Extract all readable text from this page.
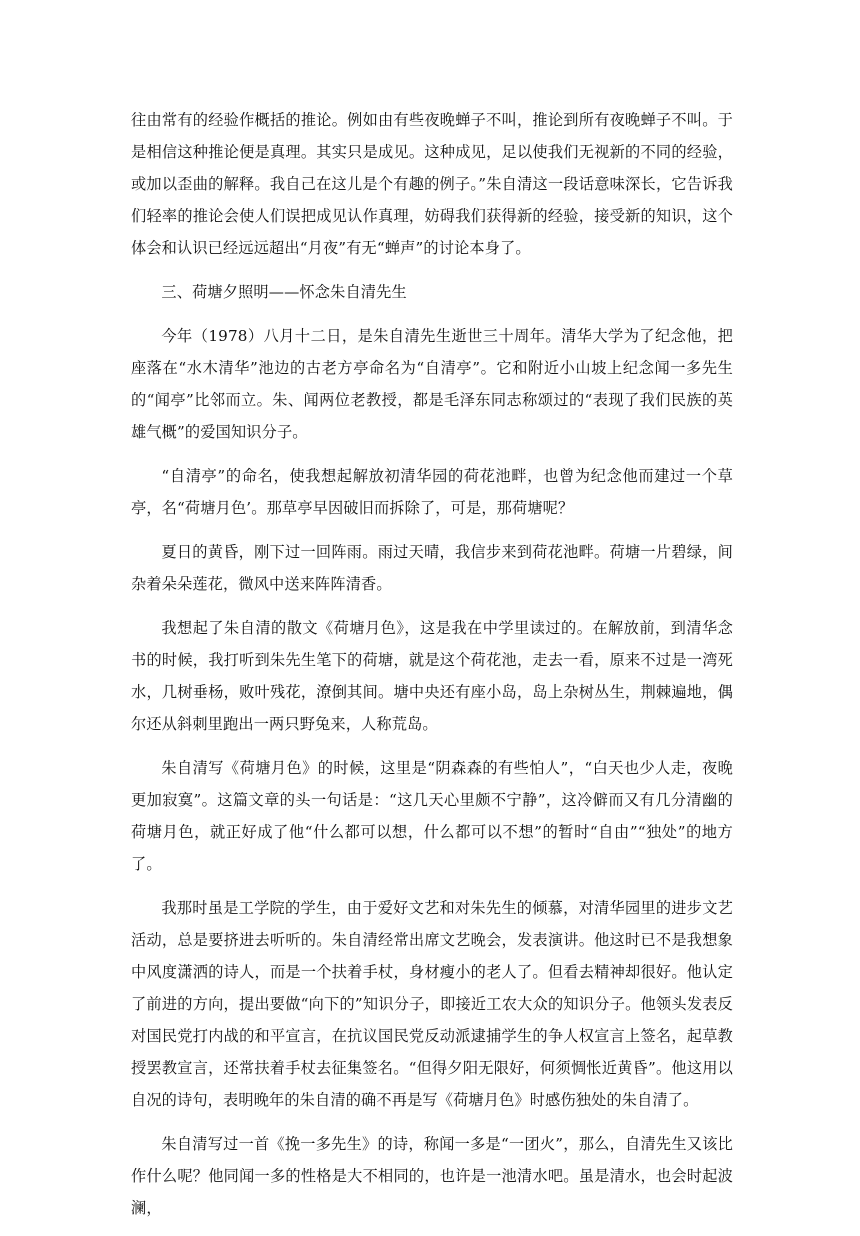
往由常有的经验作概括的推论。例如由有些夜晚蝉子不叫，推论到所有夜晚蝉子不叫。于是相信这种推论便是真理。其实只是成见。这种成见，足以使我们无视新的不同的经验，或加以歪曲的解释。我自己在这儿是个有趣的例子。”朱自清这一段话意味深长，它告诉我们轻率的推论会使人们误把成见认作真理，妨碍我们获得新的经验，接受新的知识，这个体会和认识已经远远超出“月夜”有无“蝉声”的讨论本身了。

三、荷塘夕照明——怀念朱自清先生

今年（1978）八月十二日，是朱自清先生逝世三十周年。清华大学为了纪念他，把座落在“水木清华”池边的古老方亭命名为“自清亭”。它和附近小山坡上纪念闻一多先生的“闻亭”比邻而立。朱、闻两位老教授，都是毛泽东同志称颂过的“表现了我们民族的英雄气概”的爱国知识分子。

“自清亭”的命名，使我想起解放初清华园的荷花池畔，也曾为纪念他而建过一个草亭，名“荷塘月色’。那草亭早因破旧而拆除了，可是，那荷塘呢？

夏日的黄昏，刚下过一回阵雨。雨过天晴，我信步来到荷花池畔。荷塘一片碧绿，间杂着朵朵莲花，微风中送来阵阵清香。

我想起了朱自清的散文《荷塘月色》，这是我在中学里读过的。在解放前，到清华念书的时候，我打听到朱先生笔下的荷塘，就是这个荷花池，走去一看，原来不过是一湾死水，几树垂杨，败叶残花，潦倒其间。塘中央还有座小岛，岛上杂树丛生，荆棘遍地，偶尔还从斜刺里跑出一两只野兔来，人称荒岛。

朱自清写《荷塘月色》的时候，这里是“阴森森的有些怕人”，“白天也少人走，夜晚更加寂寞”。这篇文章的头一句话是：“这几天心里颇不宁静”，这冷僻而又有几分清幽的荷塘月色，就正好成了他“什么都可以想，什么都可以不想”的暂时“自由”“独处”的地方了。

我那时虽是工学院的学生，由于爱好文艺和对朱先生的倾慕，对清华园里的进步文艺活动，总是要挤进去听听的。朱自清经常出席文艺晚会，发表演讲。他这时已不是我想象中风度潇洒的诗人，而是一个扶着手杖，身材瘦小的老人了。但看去精神却很好。他认定了前进的方向，提出要做“向下的”知识分子，即接近工农大众的知识分子。他领头发表反对国民党打内战的和平宣言，在抗议国民党反动派逮捕学生的争人权宣言上签名，起草教授罢教宣言，还常扶着手杖去征集签名。“但得夕阳无限好，何须惆怅近黄昏”。他这用以自况的诗句，表明晚年的朱自清的确不再是写《荷塘月色》时感伤独处的朱自清了。

朱自清写过一首《挽一多先生》的诗，称闻一多是“一团火”，那么，自清先生又该比作什么呢？他同闻一多的性格是大不相同的，也许是一池清水吧。虽是清水，也会时起波澜，
